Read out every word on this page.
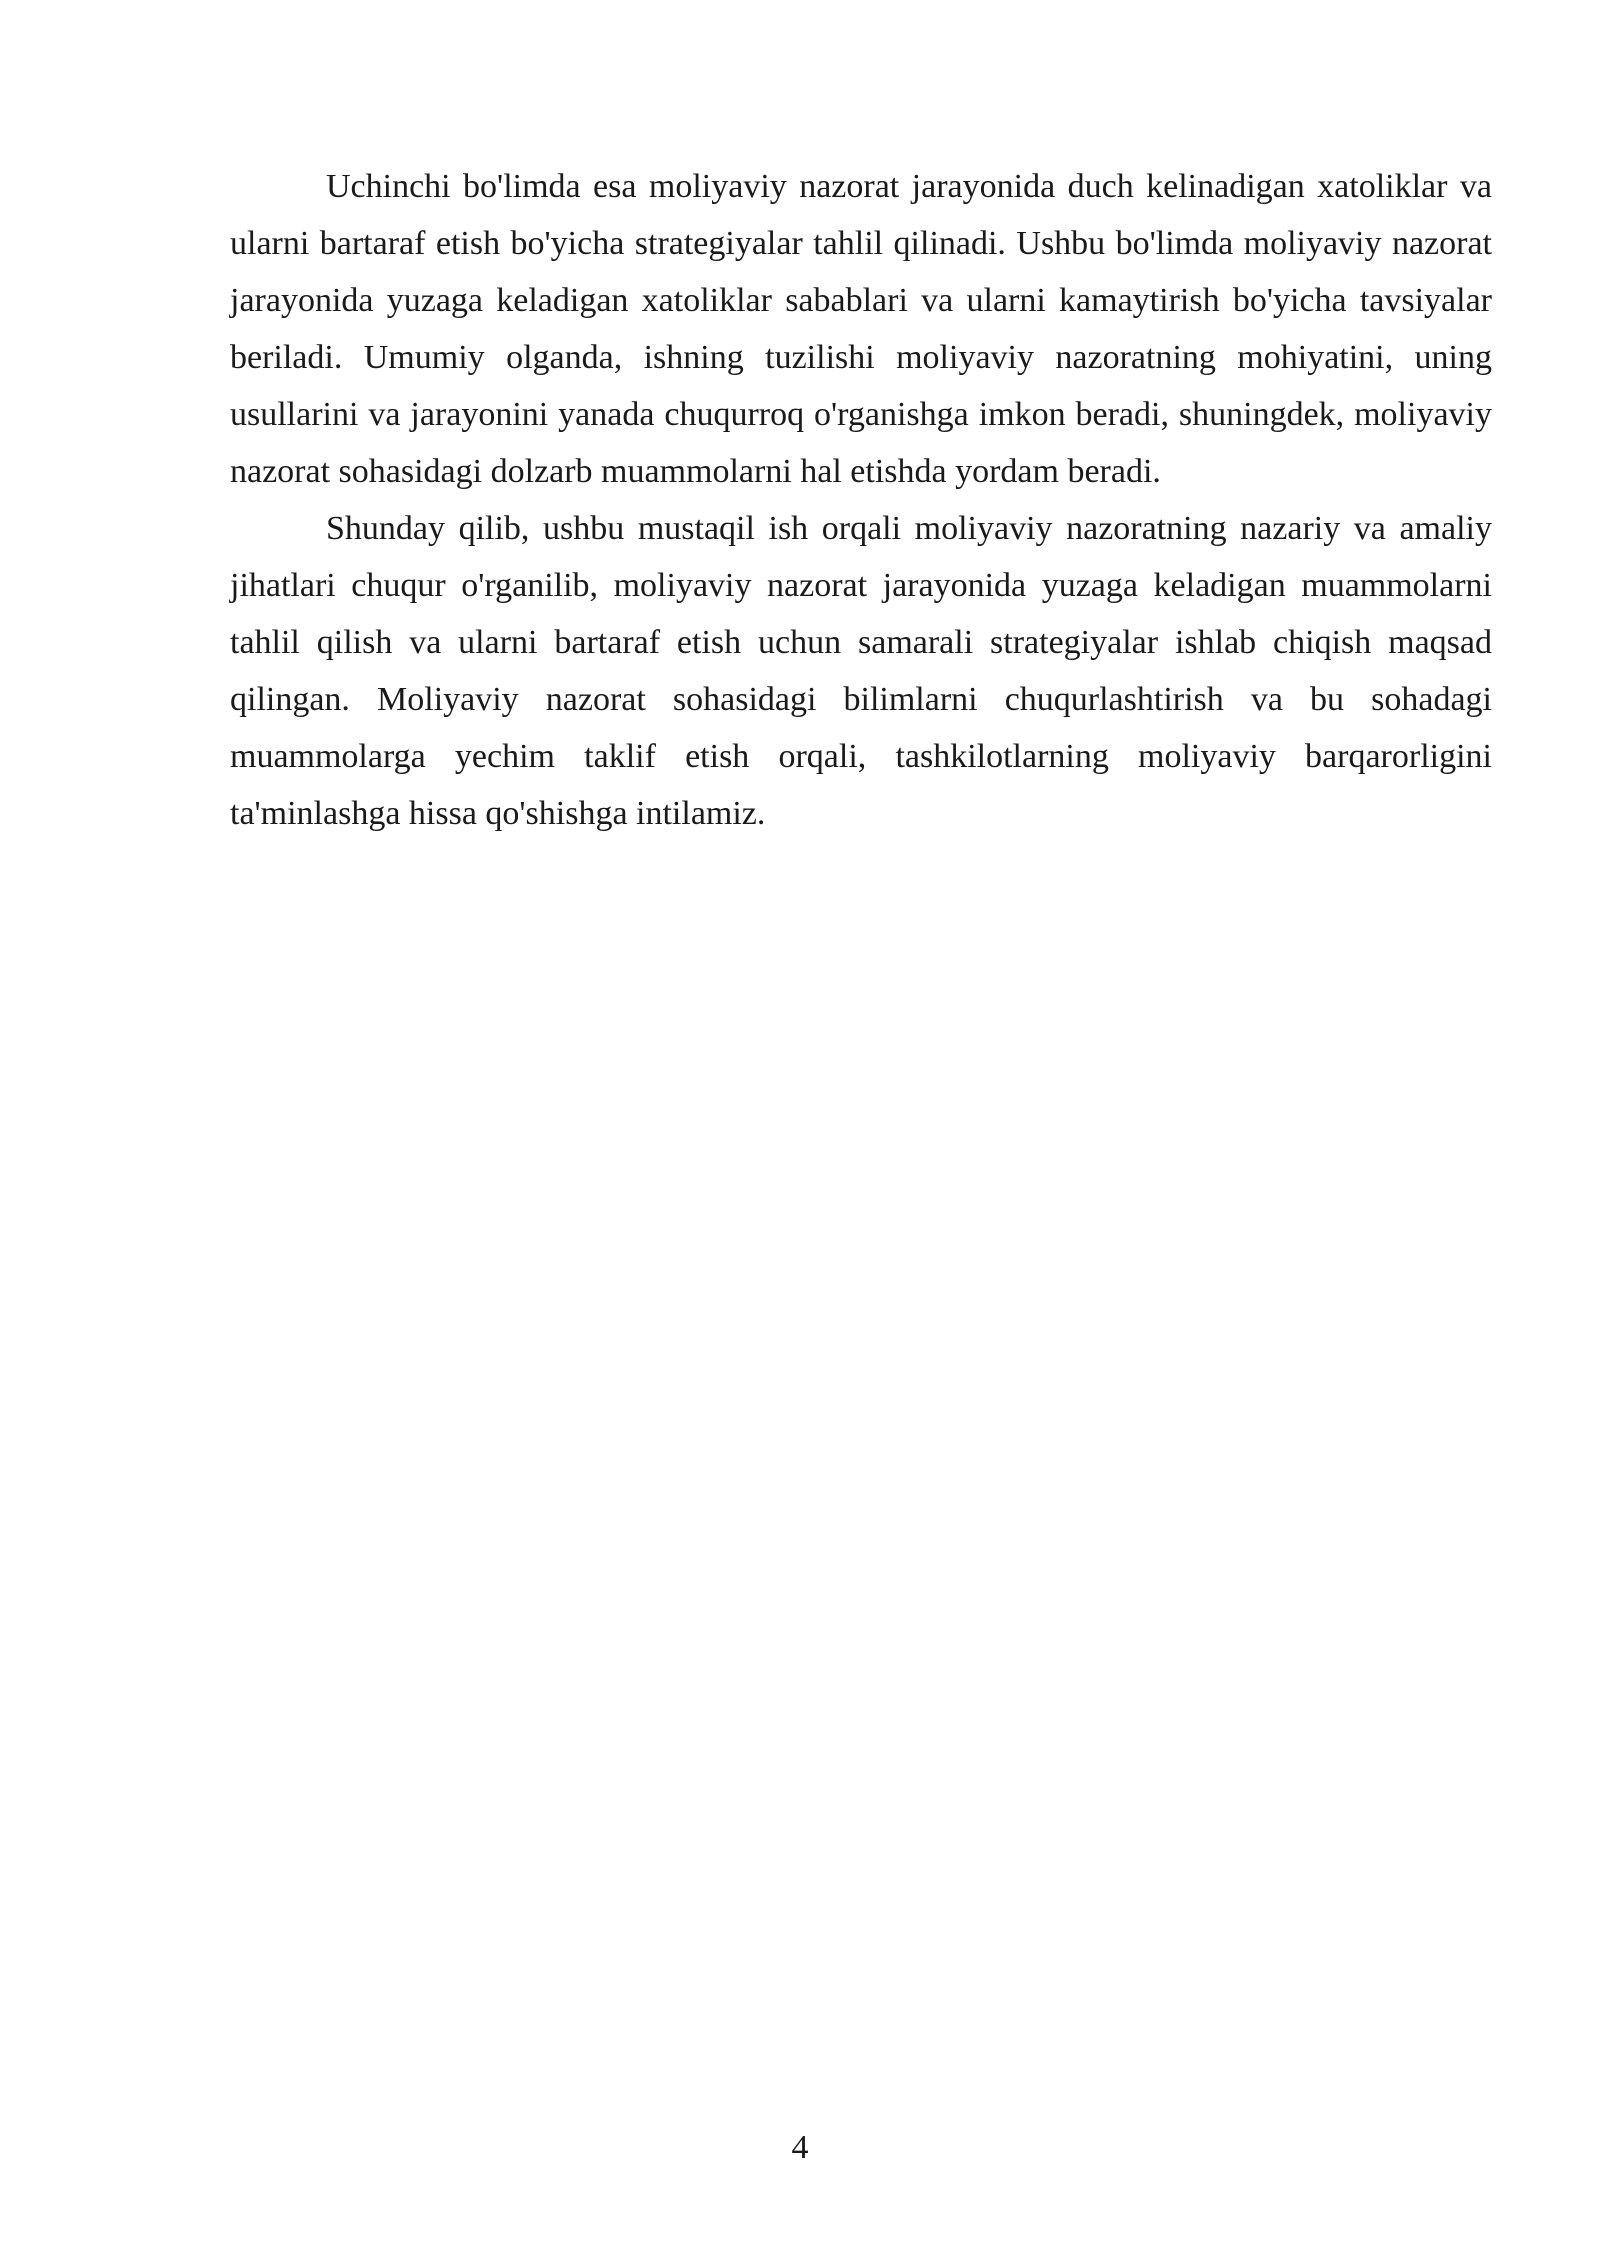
Uchinchi bo'limda esa moliyaviy nazorat jarayonida duch kelinadigan xatoliklar va ularni bartaraf etish bo'yicha strategiyalar tahlil qilinadi. Ushbu bo'limda moliyaviy nazorat jarayonida yuzaga keladigan xatoliklar sabablari va ularni kamaytirish bo'yicha tavsiyalar beriladi. Umumiy olganda, ishning tuzilishi moliyaviy nazoratning mohiyatini, uning usullarini va jarayonini yanada chuqurroq o'rganishga imkon beradi, shuningdek, moliyaviy nazorat sohasidagi dolzarb muammolarni hal etishda yordam beradi.

Shunday qilib, ushbu mustaqil ish orqali moliyaviy nazoratning nazariy va amaliy jihatlari chuqur o'rganilib, moliyaviy nazorat jarayonida yuzaga keladigan muammolarni tahlil qilish va ularni bartaraf etish uchun samarali strategiyalar ishlab chiqish maqsad qilingan. Moliyaviy nazorat sohasidagi bilimlarni chuqurlashtirish va bu sohadagi muammolarga yechim taklif etish orqali, tashkilotlarning moliyaviy barqarorligini ta'minlashga hissa qo'shishga intilamiz.

4
